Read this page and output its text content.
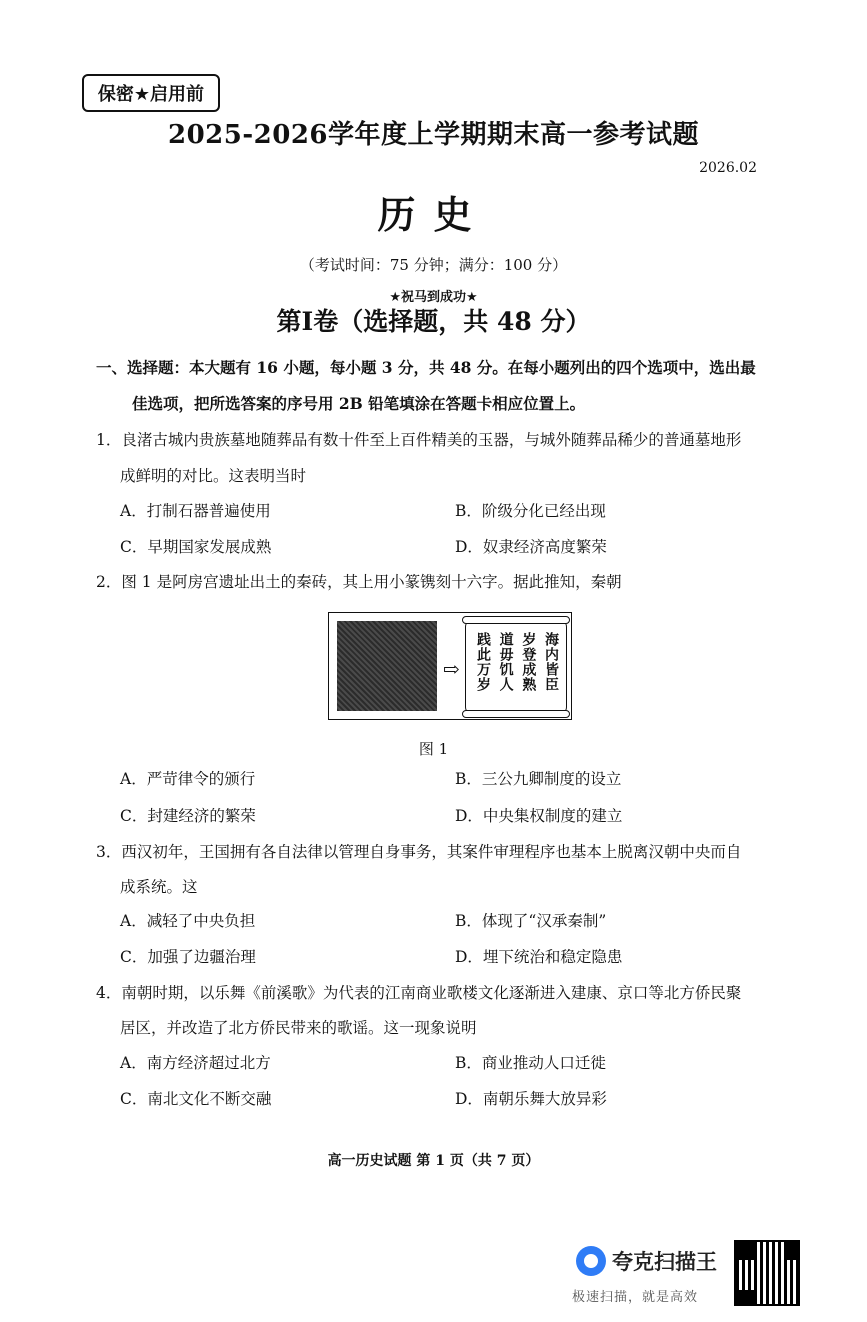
保密★启用前
2025-2026学年度上学期期末高一参考试题
2026.02
历史
（考试时间：75 分钟；满分：100 分）
★祝马到成功★
第Ⅰ卷（选择题，共 48 分）
一、选择题：本大题有 16 小题，每小题 3 分，共 48 分。在每小题列出的四个选项中，选出最
佳选项，把所选答案的序号用 2B 铅笔填涂在答题卡相应位置上。
1．良渚古城内贵族墓地随葬品有数十件至上百件精美的玉器，与城外随葬品稀少的普通墓地形
成鲜明的对比。这表明当时
A．打制石器普遍使用	B．阶级分化已经出现
C．早期国家发展成熟	D．奴隶经济高度繁荣
2．图 1 是阿房宫遗址出土的秦砖，其上用小篆镌刻十六字。据此推知，秦朝
⇨	海内皆臣
岁登成熟
道毋饥人
践此万岁
图 1
A．严苛律令的颁行	B．三公九卿制度的设立
C．封建经济的繁荣	D．中央集权制度的建立
3．西汉初年，王国拥有各自法律以管理自身事务，其案件审理程序也基本上脱离汉朝中央而自
成系统。这
A．减轻了中央负担	B．体现了“汉承秦制”
C．加强了边疆治理	D．埋下统治和稳定隐患
4．南朝时期，以乐舞《前溪歌》为代表的江南商业歌楼文化逐渐进入建康、京口等北方侨民聚
居区，并改造了北方侨民带来的歌谣。这一现象说明
A．南方经济超过北方	B．商业推动人口迁徙
C．南北文化不断交融	D．南朝乐舞大放异彩
高一历史试题 第 1 页（共 7 页）
夸克扫描王
极速扫描，就是高效
